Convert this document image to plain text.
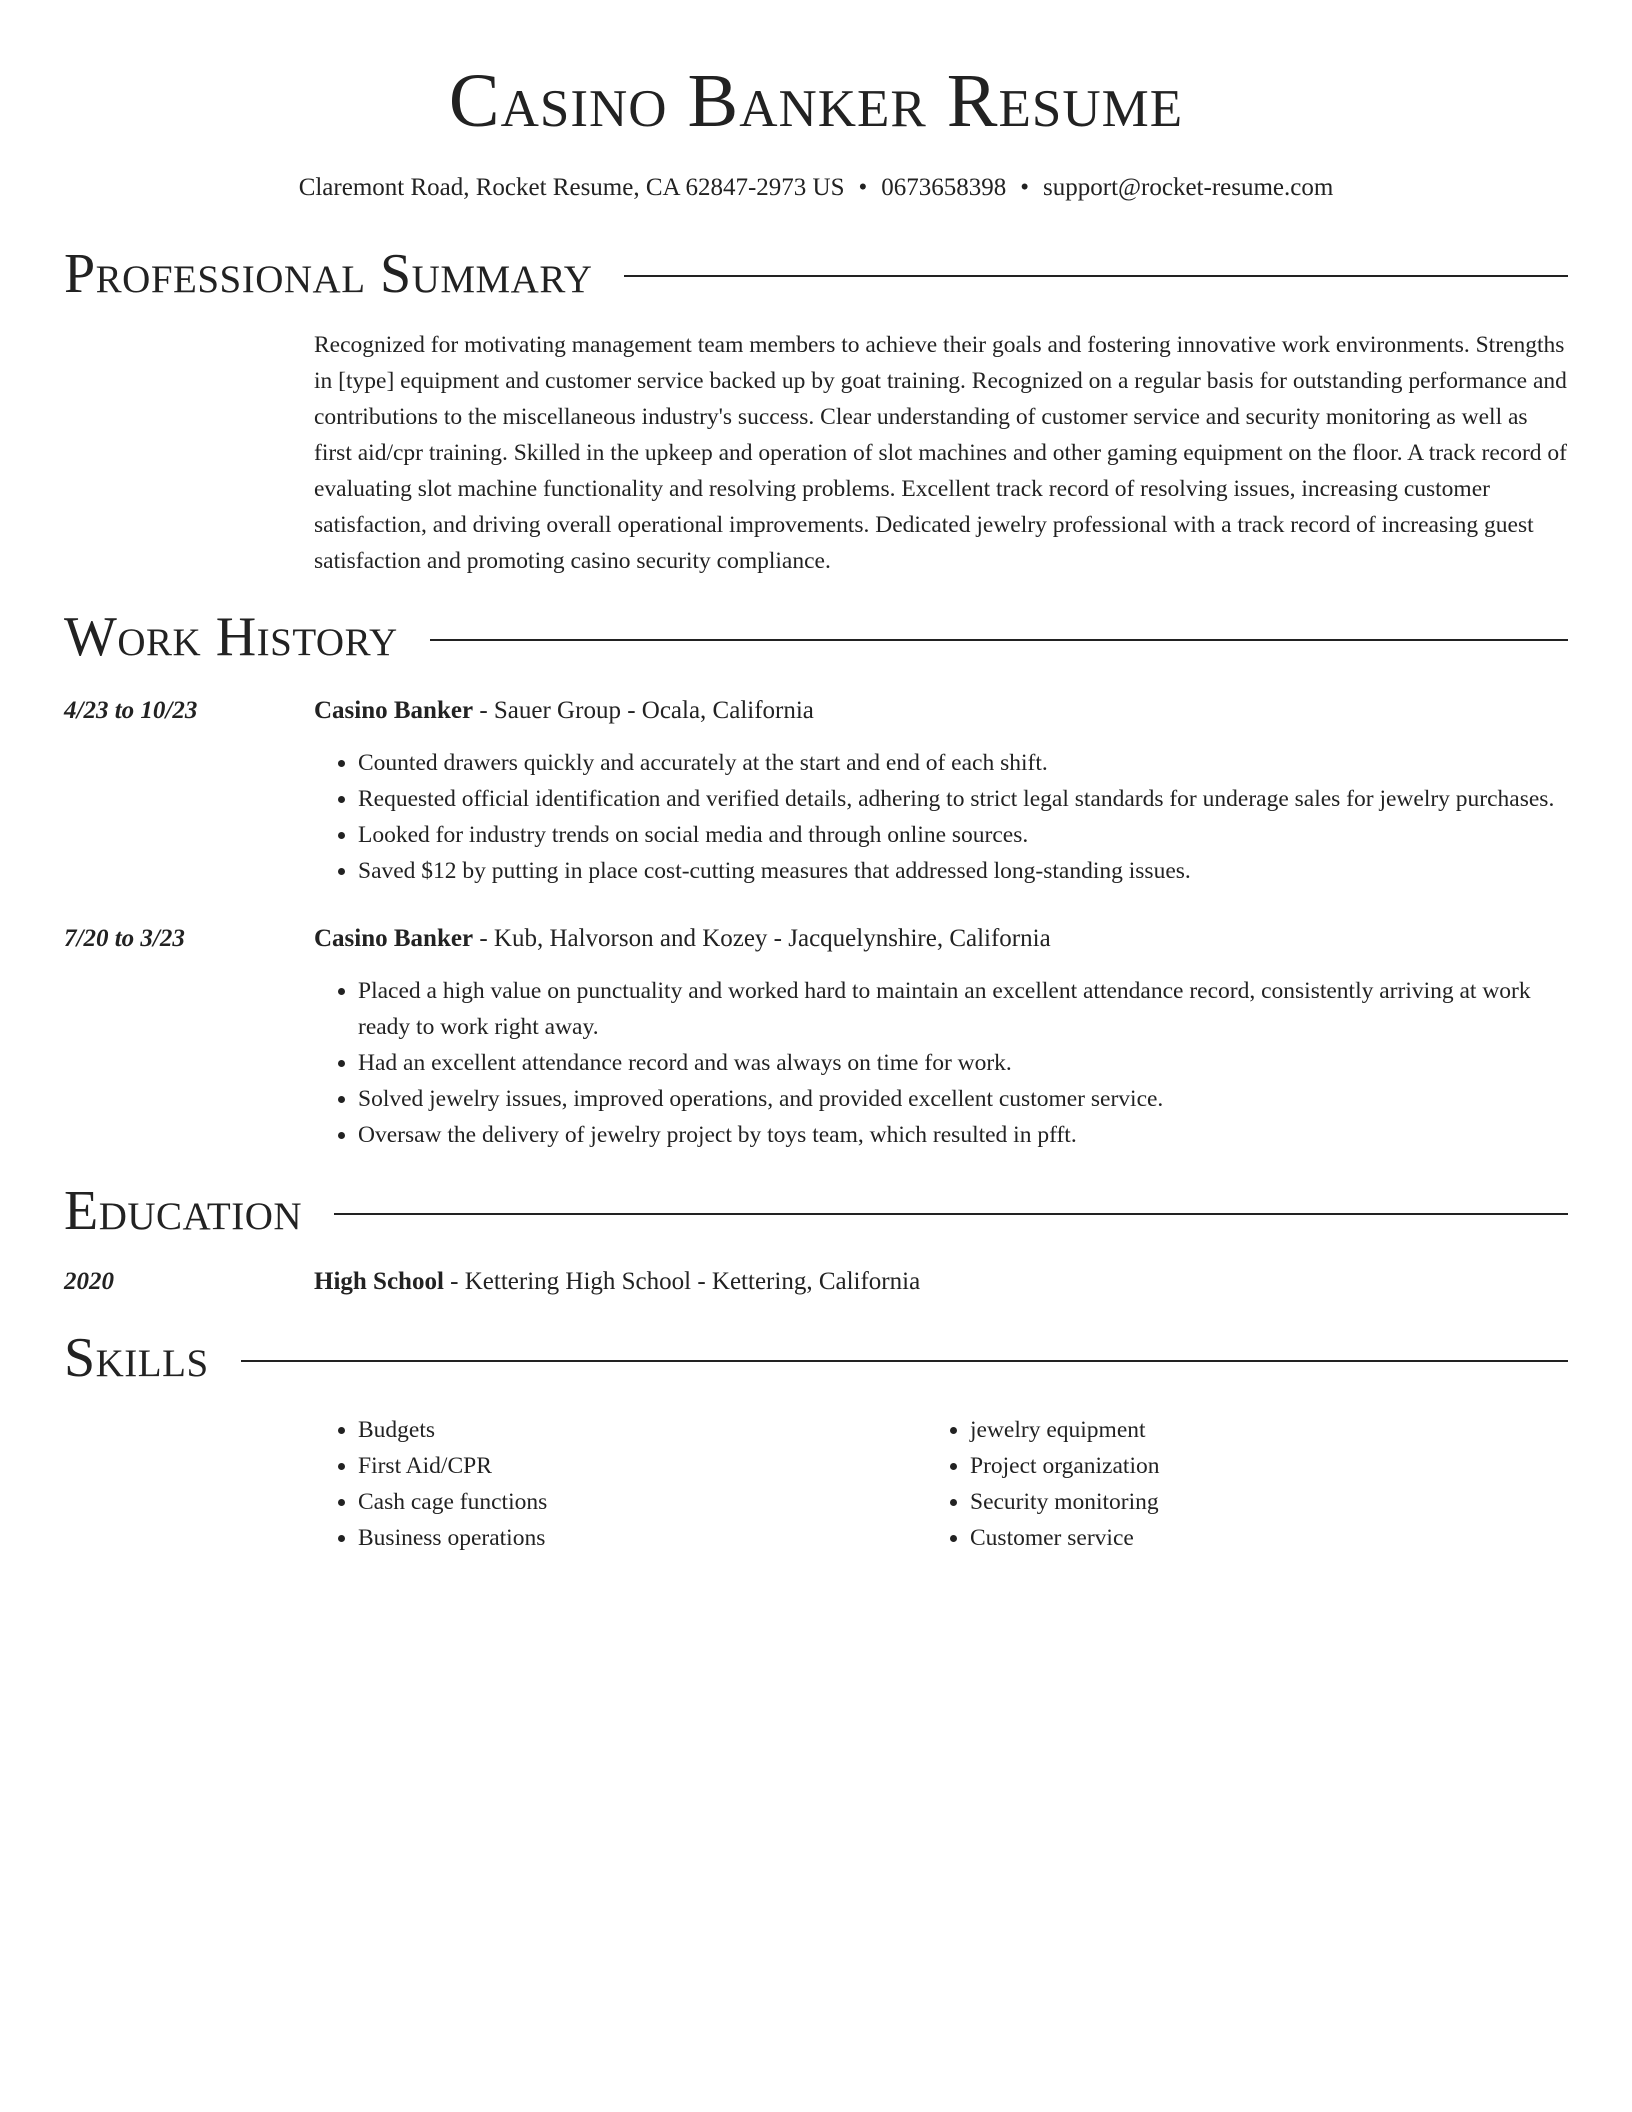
Casino Banker Resume
Claremont Road, Rocket Resume, CA 62847-2973 US • 0673658398 • support@rocket-resume.com
Professional Summary

Recognized for motivating management team members to achieve their goals and fostering innovative work environments. Strengths in [type] equipment and customer service backed up by goat training. Recognized on a regular basis for outstanding performance and contributions to the miscellaneous industry's success. Clear understanding of customer service and security monitoring as well as first aid/cpr training. Skilled in the upkeep and operation of slot machines and other gaming equipment on the floor. A track record of evaluating slot machine functionality and resolving problems. Excellent track record of resolving issues, increasing customer satisfaction, and driving overall operational improvements. Dedicated jewelry professional with a track record of increasing guest satisfaction and promoting casino security compliance.

Work History
4/23 to 10/23	Casino Banker - Sauer Group - Ocala, California
• Counted drawers quickly and accurately at the start and end of each shift.
• Requested official identification and verified details, adhering to strict legal standards for underage sales for jewelry purchases.
• Looked for industry trends on social media and through online sources.
• Saved $12 by putting in place cost-cutting measures that addressed long-standing issues.
7/20 to 3/23	Casino Banker - Kub, Halvorson and Kozey - Jacquelynshire, California
• Placed a high value on punctuality and worked hard to maintain an excellent attendance record, consistently arriving at work ready to work right away.
• Had an excellent attendance record and was always on time for work.
• Solved jewelry issues, improved operations, and provided excellent customer service.
• Oversaw the delivery of jewelry project by toys team, which resulted in pfft.
Education
2020	High School - Kettering High School - Kettering, California
Skills
• Budgets
• First Aid/CPR
• Cash cage functions
• Business operations
• jewelry equipment
• Project organization
• Security monitoring
• Customer service
